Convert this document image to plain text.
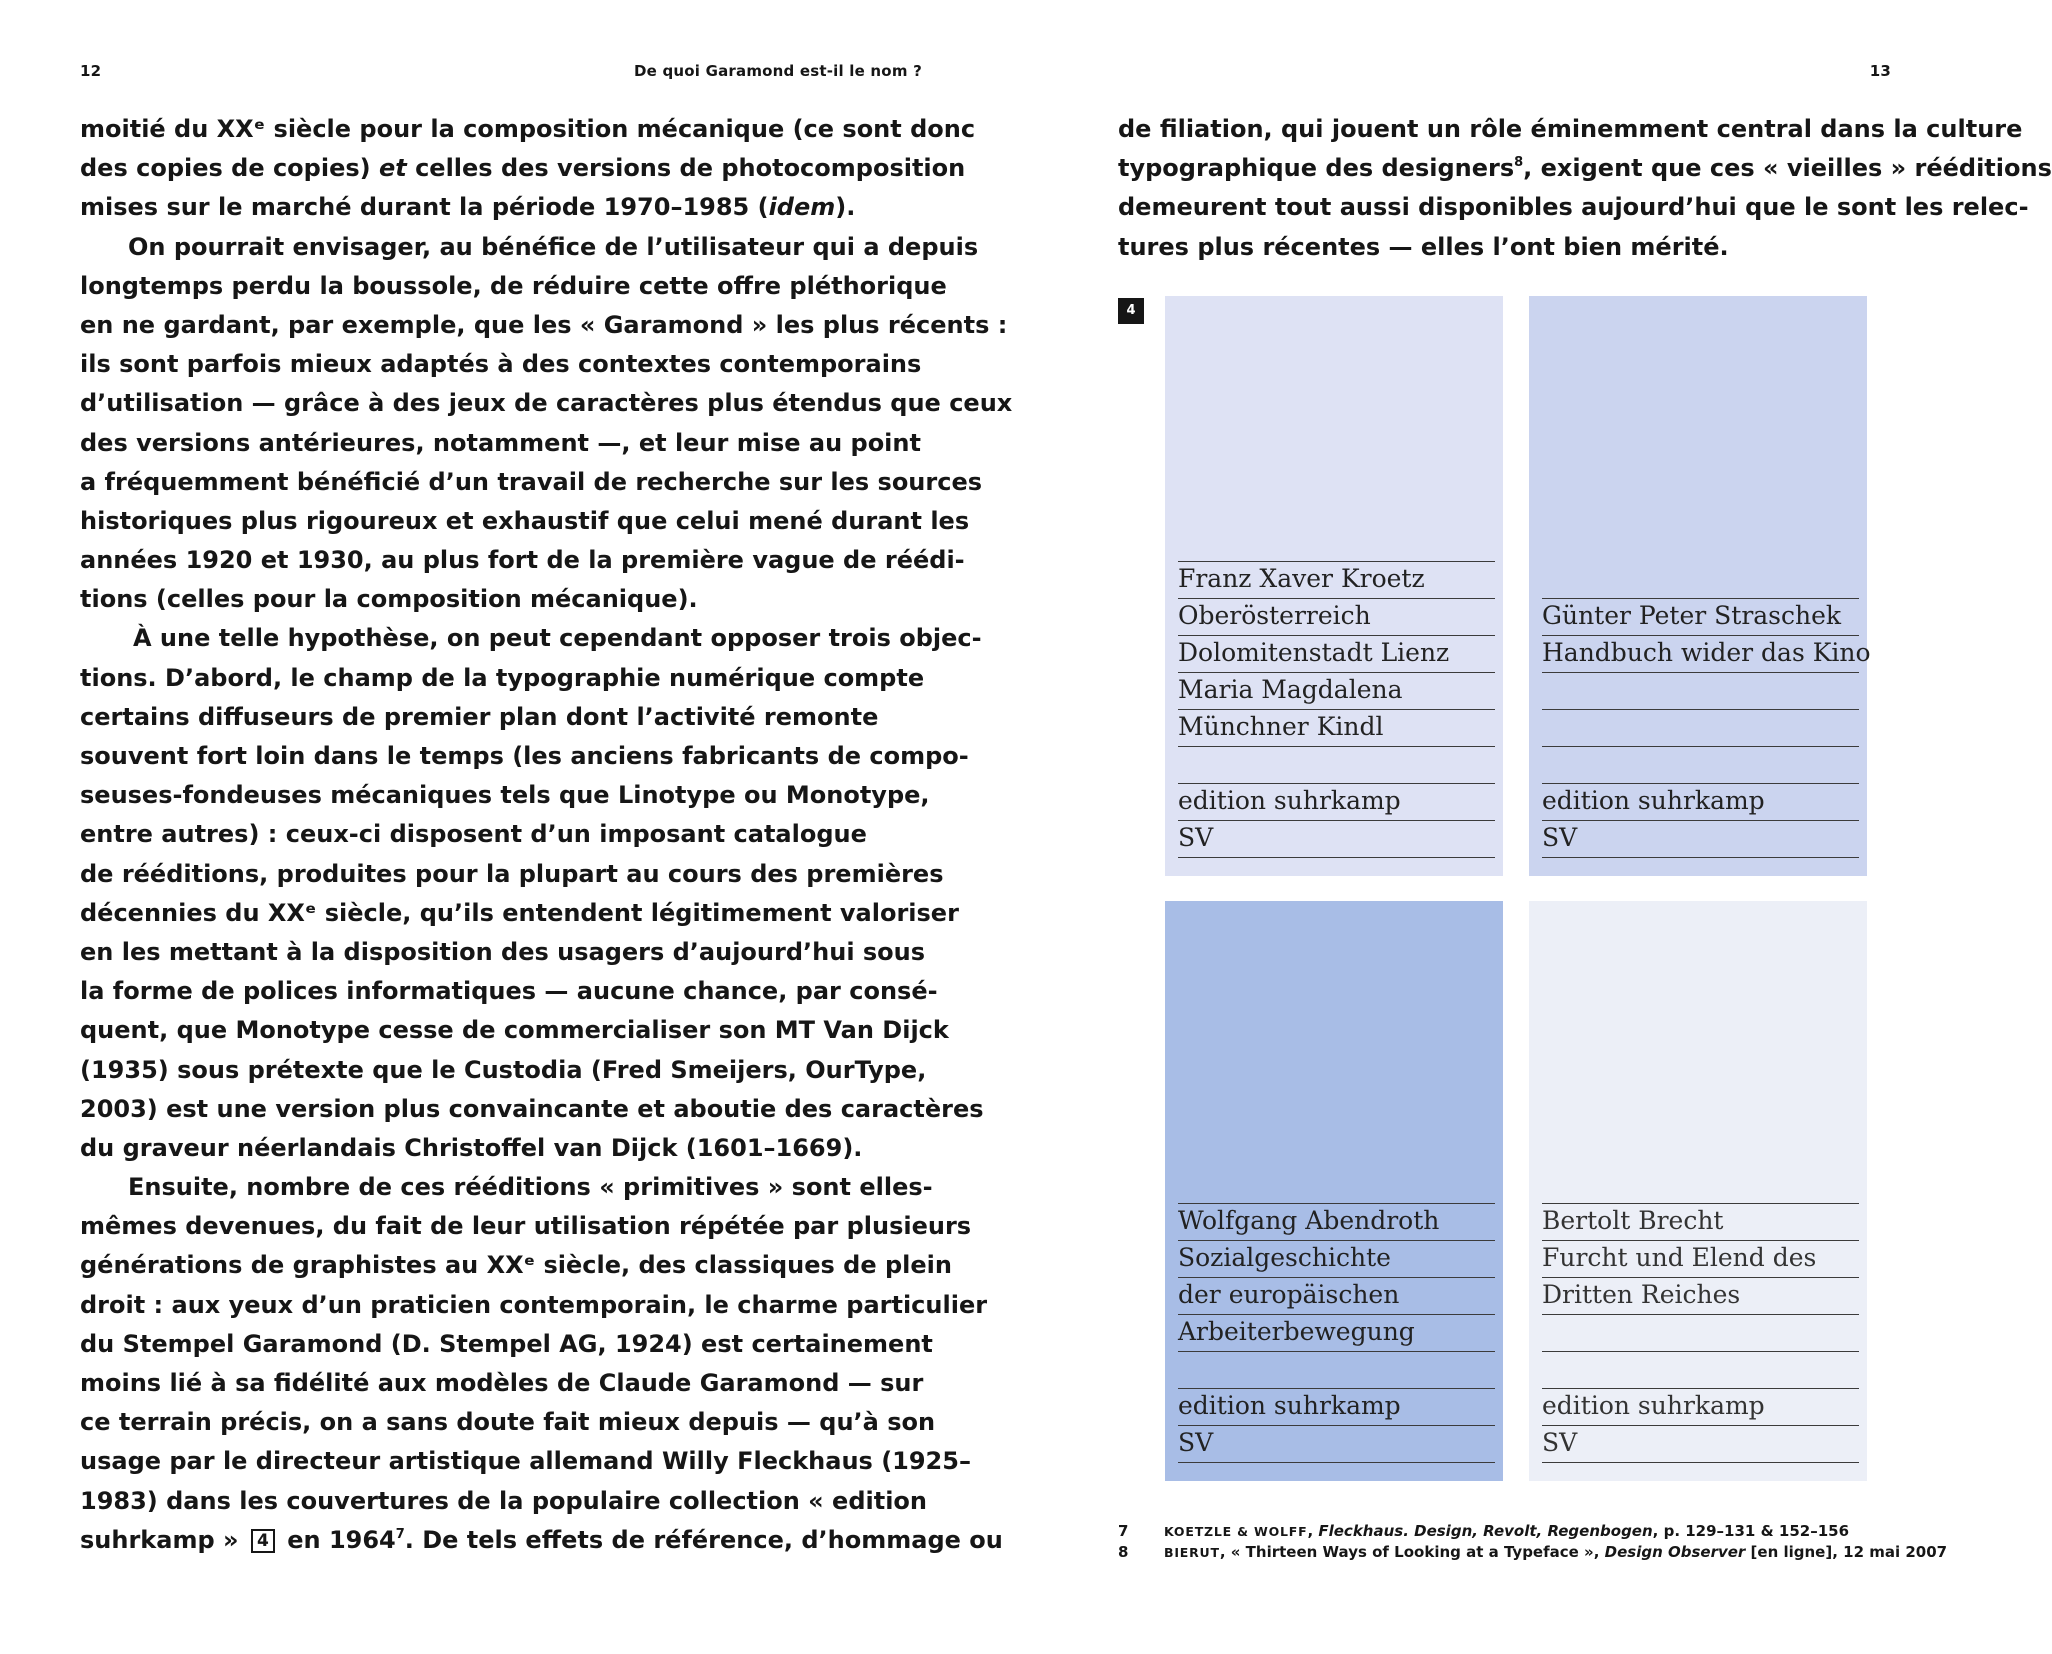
12	De quoi Garamond est-il le nom ?	13
moitié du XXᵉ siècle pour la composition mécanique (ce sont donc
des copies de copies) et celles des versions de photocomposition
mises sur le marché durant la période 1970–1985 (idem).
On pourrait envisager, au bénéfice de l’utilisateur qui a depuis
longtemps perdu la boussole, de réduire cette offre pléthorique
en ne gardant, par exemple, que les « Garamond » les plus récents :
ils sont parfois mieux adaptés à des contextes contemporains
d’utilisation — grâce à des jeux de caractères plus étendus que ceux
des versions antérieures, notamment —, et leur mise au point
a fréquemment bénéficié d’un travail de recherche sur les sources
historiques plus rigoureux et exhaustif que celui mené durant les
années 1920 et 1930, au plus fort de la première vague de réédi-
tions (celles pour la composition mécanique).
À une telle hypothèse, on peut cependant opposer trois objec-
tions. D’abord, le champ de la typographie numérique compte
certains diffuseurs de premier plan dont l’activité remonte
souvent fort loin dans le temps (les anciens fabricants de compo-
seuses-fondeuses mécaniques tels que Linotype ou Monotype,
entre autres) : ceux-ci disposent d’un imposant catalogue
de rééditions, produites pour la plupart au cours des premières
décennies du XXᵉ siècle, qu’ils entendent légitimement valoriser
en les mettant à la disposition des usagers d’aujourd’hui sous
la forme de polices informatiques — aucune chance, par consé-
quent, que Monotype cesse de commercialiser son MT Van Dijck
(1935) sous prétexte que le Custodia (Fred Smeijers, OurType,
2003) est une version plus convaincante et aboutie des caractères
du graveur néerlandais Christoffel van Dijck (1601–1669).
Ensuite, nombre de ces rééditions « primitives » sont elles-
mêmes devenues, du fait de leur utilisation répétée par plusieurs
générations de graphistes au XXᵉ siècle, des classiques de plein
droit : aux yeux d’un praticien contemporain, le charme particulier
du Stempel Garamond (D. Stempel AG, 1924) est certainement
moins lié à sa fidélité aux modèles de Claude Garamond — sur
ce terrain précis, on a sans doute fait mieux depuis — qu’à son
usage par le directeur artistique allemand Willy Fleckhaus (1925–
1983) dans les couvertures de la populaire collection « edition
suhrkamp » 4 en 1964$^7$. De tels effets de référence, d’hommage ou
de filiation, qui jouent un rôle éminemment central dans la culture
typographique des designers$^8$, exigent que ces « vieilles » rééditions
demeurent tout aussi disponibles aujourd’hui que le sont les relec-
tures plus récentes — elles l’ont bien mérité.
4
Franz Xaver Kroetz
Oberösterreich
Dolomitenstadt Lienz
Maria Magdalena
Münchner Kindl
edition suhrkamp
SV
Günter Peter Straschek
Handbuch wider das Kino
edition suhrkamp
SV
Wolfgang Abendroth
Sozialgeschichte
der europäischen
Arbeiterbewegung
edition suhrkamp
SV
Bertolt Brecht
Furcht und Elend des
Dritten Reiches
edition suhrkamp
SV
7	KOETZLE & WOLFF, Fleckhaus. Design, Revolt, Regenbogen, p. 129–131 & 152–156
8	BIERUT, « Thirteen Ways of Looking at a Typeface », Design Observer [en ligne], 12 mai 2007
